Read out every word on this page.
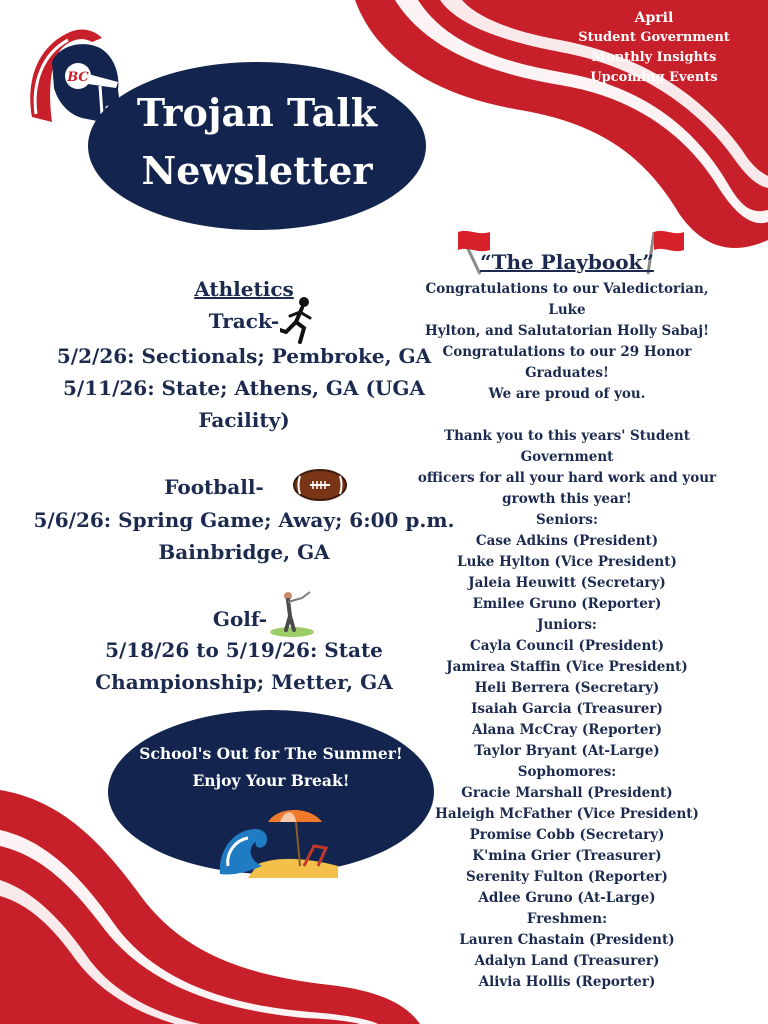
BC
Trojan Talk
Newsletter
April
Student Government
Monthly Insights
Upcoming Events
Athletics
Track-
5/2/26: Sectionals; Pembroke, GA
5/11/26: State; Athens, GA (UGA
Facility)
Football-
5/6/26: Spring Game; Away; 6:00 p.m.
Bainbridge, GA
Golf-
5/18/26 to 5/19/26: State
Championship; Metter, GA
School's Out for The Summer!
Enjoy Your Break!
“The Playbook”
Congratulations to our Valedictorian, Luke
Hylton, and Salutatorian Holly Sabaj!
Congratulations to our 29 Honor Graduates!
We are proud of you.
Thank you to this years' Student Government
officers for all your hard work and your
growth this year!
Seniors:
Case Adkins (President)
Luke Hylton (Vice President)
Jaleia Heuwitt (Secretary)
Emilee Gruno (Reporter)
Juniors:
Cayla Council (President)
Jamirea Staffin (Vice President)
Heli Berrera (Secretary)
Isaiah Garcia (Treasurer)
Alana McCray (Reporter)
Taylor Bryant (At-Large)
Sophomores:
Gracie Marshall (President)
Haleigh McFather (Vice President)
Promise Cobb (Secretary)
K'mina Grier (Treasurer)
Serenity Fulton (Reporter)
Adlee Gruno (At-Large)
Freshmen:
Lauren Chastain (President)
Adalyn Land (Treasurer)
Alivia Hollis (Reporter)
